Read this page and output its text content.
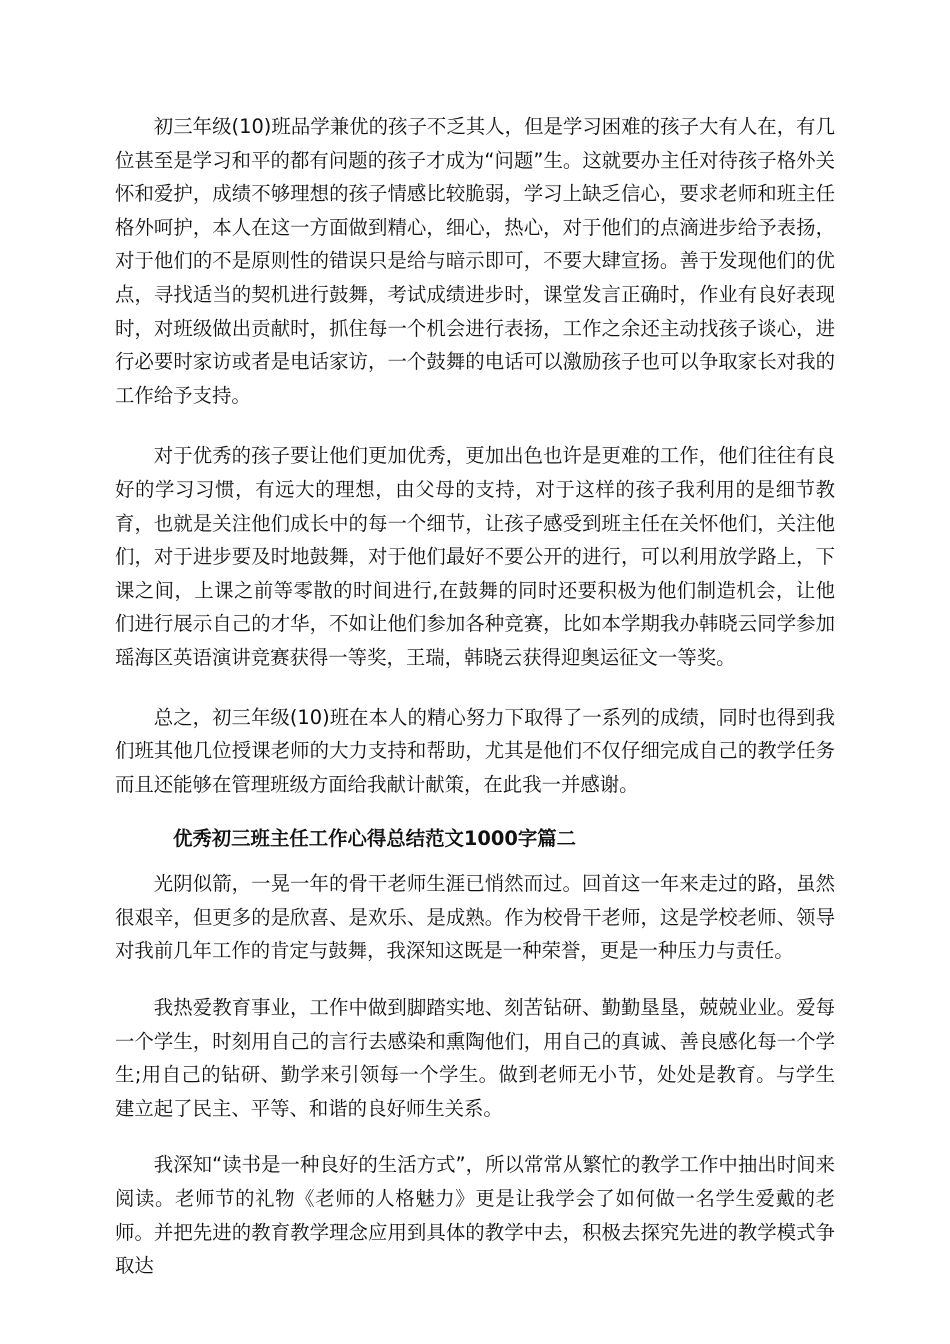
初三年级(10)班品学兼优的孩子不乏其人，但是学习困难的孩子大有人在，有几位甚至是学习和平的都有问题的孩子才成为“问题”生。这就要办主任对待孩子格外关怀和爱护，成绩不够理想的孩子情感比较脆弱，学习上缺乏信心，要求老师和班主任格外呵护，本人在这一方面做到精心，细心，热心，对于他们的点滴进步给予表扬，对于他们的不是原则性的错误只是给与暗示即可，不要大肆宣扬。善于发现他们的优点，寻找适当的契机进行鼓舞，考试成绩进步时，课堂发言正确时，作业有良好表现时，对班级做出贡献时，抓住每一个机会进行表扬，工作之余还主动找孩子谈心，进行必要时家访或者是电话家访，一个鼓舞的电话可以激励孩子也可以争取家长对我的工作给予支持。

对于优秀的孩子要让他们更加优秀，更加出色也许是更难的工作，他们往往有良好的学习习惯，有远大的理想，由父母的支持，对于这样的孩子我利用的是细节教育，也就是关注他们成长中的每一个细节，让孩子感受到班主任在关怀他们，关注他们，对于进步要及时地鼓舞，对于他们最好不要公开的进行，可以利用放学路上，下课之间，上课之前等零散的时间进行,在鼓舞的同时还要积极为他们制造机会，让他们进行展示自己的才华，不如让他们参加各种竞赛，比如本学期我办韩晓云同学参加瑶海区英语演讲竞赛获得一等奖，王瑞，韩晓云获得迎奥运征文一等奖。

总之，初三年级(10)班在本人的精心努力下取得了一系列的成绩，同时也得到我们班其他几位授课老师的大力支持和帮助，尤其是他们不仅仔细完成自己的教学任务而且还能够在管理班级方面给我献计献策，在此我一并感谢。

优秀初三班主任工作心得总结范文1000字篇二

光阴似箭，一晃一年的骨干老师生涯已悄然而过。回首这一年来走过的路，虽然很艰辛，但更多的是欣喜、是欢乐、是成熟。作为校骨干老师，这是学校老师、领导对我前几年工作的肯定与鼓舞，我深知这既是一种荣誉，更是一种压力与责任。

我热爱教育事业，工作中做到脚踏实地、刻苦钻研、勤勤垦垦，兢兢业业。爱每一个学生，时刻用自己的言行去感染和熏陶他们，用自己的真诚、善良感化每一个学生;用自己的钻研、勤学来引领每一个学生。做到老师无小节，处处是教育。与学生建立起了民主、平等、和谐的良好师生关系。

我深知“读书是一种良好的生活方式”，所以常常从繁忙的教学工作中抽出时间来阅读。老师节的礼物《老师的人格魅力》更是让我学会了如何做一名学生爱戴的老师。并把先进的教育教学理念应用到具体的教学中去，积极去探究先进的教学模式争取达
